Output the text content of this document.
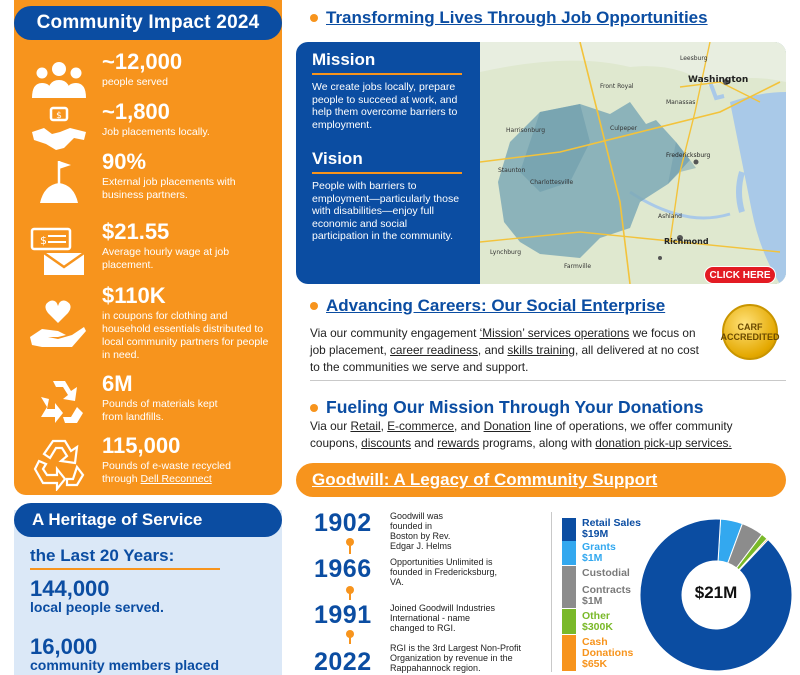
Community Impact 2024
~12,000
people served
$ ~1,800
Job placements locally.
90%
External job placements with business partners.
$	$21.55
Average hourly wage at job placement.
$110K
in coupons for clothing and household essentials distributed to local community partners for people in need.
6M
Pounds of materials kept from landfills.
115,000
Pounds of e-waste recycled through Dell Reconnect
A Heritage of Service
the Last 20 Years:
144,000
local people served.
16,000
community members placed
Transforming Lives Through Job Opportunities
Mission
We create jobs locally, prepare people to succeed at work, and help them overcome barriers to employment.
Vision
People with barriers to employment—particularly those with disabilities—enjoy full economic and social participation in the community.
Washington
Fredericksburg
Richmond
Front Royal
Harrisonburg
Staunton
Charlottesville
Culpeper
Ashland
Lynchburg
Farmville
Manassas
Leesburg
CLICK HERE
Advancing Careers: Our Social Enterprise
Via our community engagement ‘Mission’ services operations we focus on job placement, career readiness, and skills training, all delivered at no cost to the communities we serve and support.
CARF ACCREDITED
Fueling Our Mission Through Your Donations
Via our Retail, E-commerce, and Donation line of operations, we offer community coupons, discounts and rewards programs, along with donation pick-up services.
Goodwill: A Legacy of Community Support
1902 Goodwill was founded in Boston by Rev. Edgar J. Helms
1966 Opportunities Unlimited is founded in Fredericksburg, VA.
1991 Joined Goodwill Industries International - name changed to RGI.
2022 RGI is the 3rd Largest Non-Profit Organization by revenue in the Rappahannock region.
Retail Sales
$19M
Grants
$1M
Custodial
Contracts
$1M
Other
$300K
Cash
Donations
$65K
$21M
